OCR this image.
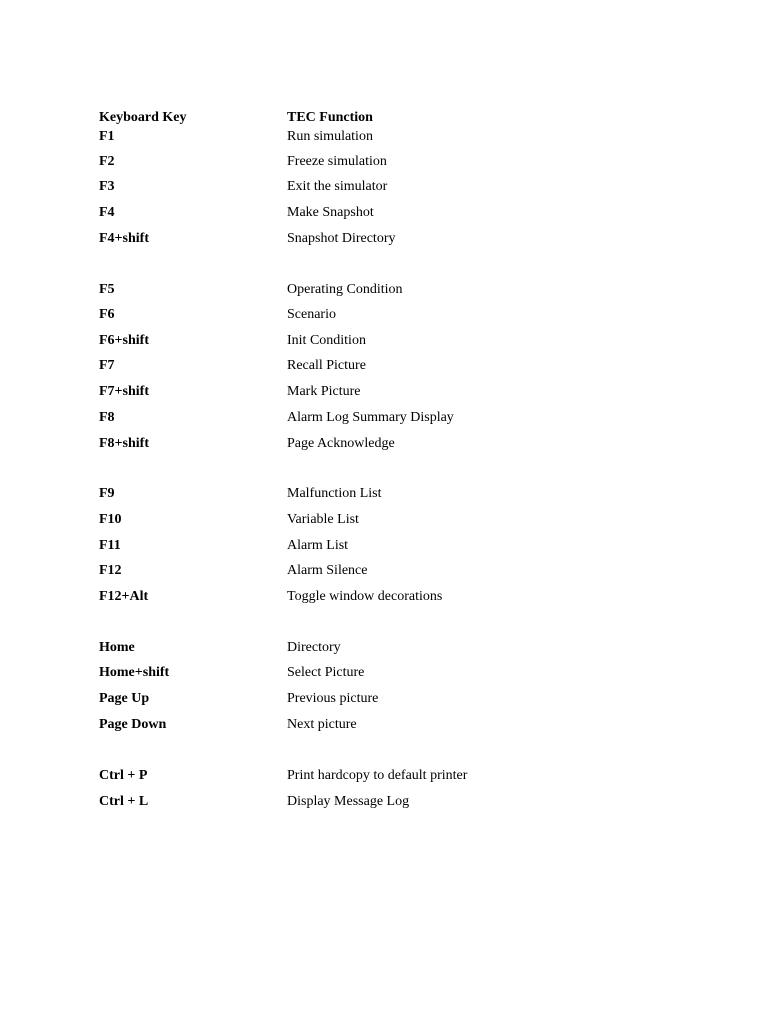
Keyboard Key	TEC Function
F1	Run simulation
F2	Freeze simulation
F3	Exit the simulator
F4	Make Snapshot
F4+shift	Snapshot Directory
F5	Operating Condition
F6	Scenario
F6+shift	Init Condition
F7	Recall Picture
F7+shift	Mark Picture
F8	Alarm Log Summary Display
F8+shift	Page Acknowledge
F9	Malfunction List
F10	Variable List
F11	Alarm List
F12	Alarm Silence
F12+Alt	Toggle window decorations
Home	Directory
Home+shift	Select Picture
Page Up	Previous picture
Page Down	Next picture
Ctrl + P	Print hardcopy to default printer
Ctrl + L	Display Message Log
